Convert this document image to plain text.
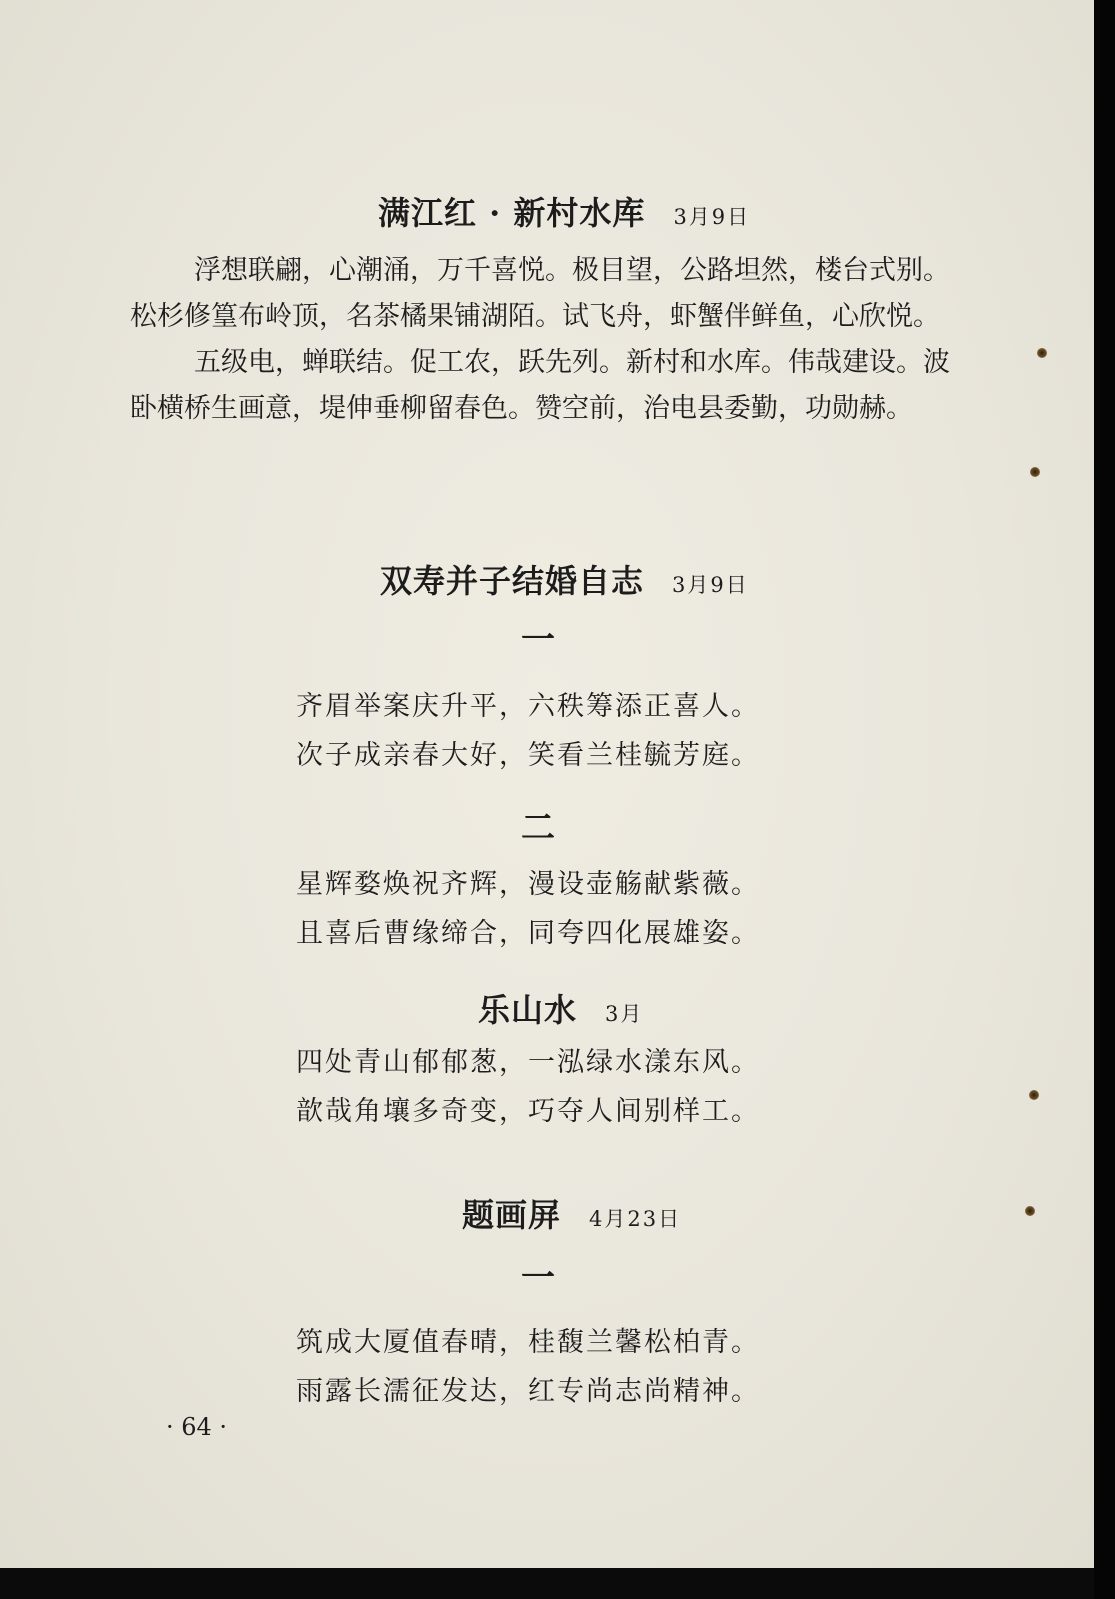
满江红 · 新村水库 3月9日

浮想联翩，心潮涌，万千喜悦。极目望，公路坦然，楼台式别。松杉修篁布岭顶，名茶橘果铺湖陌。试飞舟，虾蟹伴鲜鱼，心欣悦。

五级电，蝉联结。促工农，跃先列。新村和水库。伟哉建设。波卧横桥生画意，堤伸垂柳留春色。赞空前，治电县委勤，功勋赫。

双寿并子结婚自志 3月9日
一
齐眉举案庆升平，六秩筹添正喜人。
次子成亲春大好，笑看兰桂毓芳庭。
二
星辉婺焕祝齐辉，漫设壶觞献紫薇。
且喜后曹缘缔合，同夸四化展雄姿。
乐山水 3月
四处青山郁郁葱，一泓绿水漾东风。
歆哉角壤多奇变，巧夺人间别样工。
题画屏 4月23日
一
筑成大厦值春晴，桂馥兰馨松柏青。
雨露长濡征发达，红专尚志尚精神。
· 64 ·
